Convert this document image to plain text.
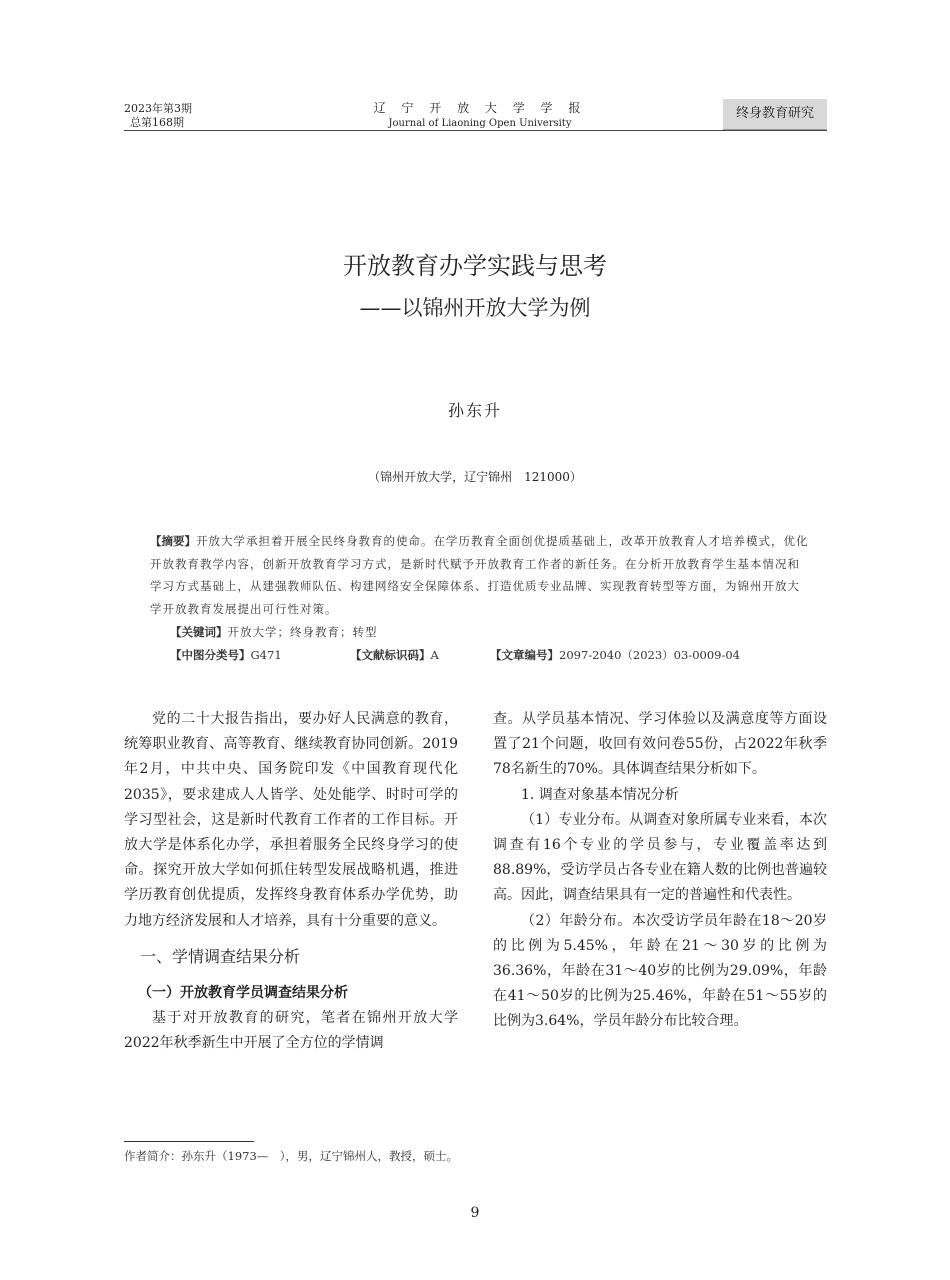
2023年第3期
总第168期
辽 宁 开 放 大 学 学 报
Journal of Liaoning Open University
终身教育研究
开放教育办学实践与思考
——以锦州开放大学为例
孙东升
（锦州开放大学，辽宁锦州　121000）
【摘要】开放大学承担着开展全民终身教育的使命。在学历教育全面创优提质基础上，改革开放教育人才培养模式，优化开放教育教学内容，创新开放教育学习方式，是新时代赋予开放教育工作者的新任务。在分析开放教育学生基本情况和学习方式基础上，从建强教师队伍、构建网络安全保障体系、打造优质专业品牌、实现教育转型等方面，为锦州开放大学开放教育发展提出可行性对策。
【关键词】开放大学；终身教育；转型
【中图分类号】G471	【文献标识码】A	【文章编号】2097-2040（2023）03-0009-04

党的二十大报告指出，要办好人民满意的教育，统筹职业教育、高等教育、继续教育协同创新。2019年2月，中共中央、国务院印发《中国教育现代化2035》，要求建成人人皆学、处处能学、时时可学的学习型社会，这是新时代教育工作者的工作目标。开放大学是体系化办学，承担着服务全民终身学习的使命。探究开放大学如何抓住转型发展战略机遇，推进学历教育创优提质，发挥终身教育体系办学优势，助力地方经济发展和人才培养，具有十分重要的意义。

一、学情调查结果分析
（一）开放教育学员调查结果分析

基于对开放教育的研究，笔者在锦州开放大学2022年秋季新生中开展了全方位的学情调

查。从学员基本情况、学习体验以及满意度等方面设置了21个问题，收回有效问卷55份，占2022年秋季78名新生的70%。具体调查结果分析如下。

1. 调查对象基本情况分析

（1）专业分布。从调查对象所属专业来看，本次调查有16个专业的学员参与，专业覆盖率达到88.89%，受访学员占各专业在籍人数的比例也普遍较高。因此，调查结果具有一定的普遍性和代表性。

（2）年龄分布。本次受访学员年龄在18～20岁的比例为5.45%，年龄在21～30岁的比例为36.36%，年龄在31～40岁的比例为29.09%，年龄在41～50岁的比例为25.46%，年龄在51～55岁的比例为3.64%，学员年龄分布比较合理。

作者简介：孙东升（1973—　），男，辽宁锦州人，教授，硕士。
9
